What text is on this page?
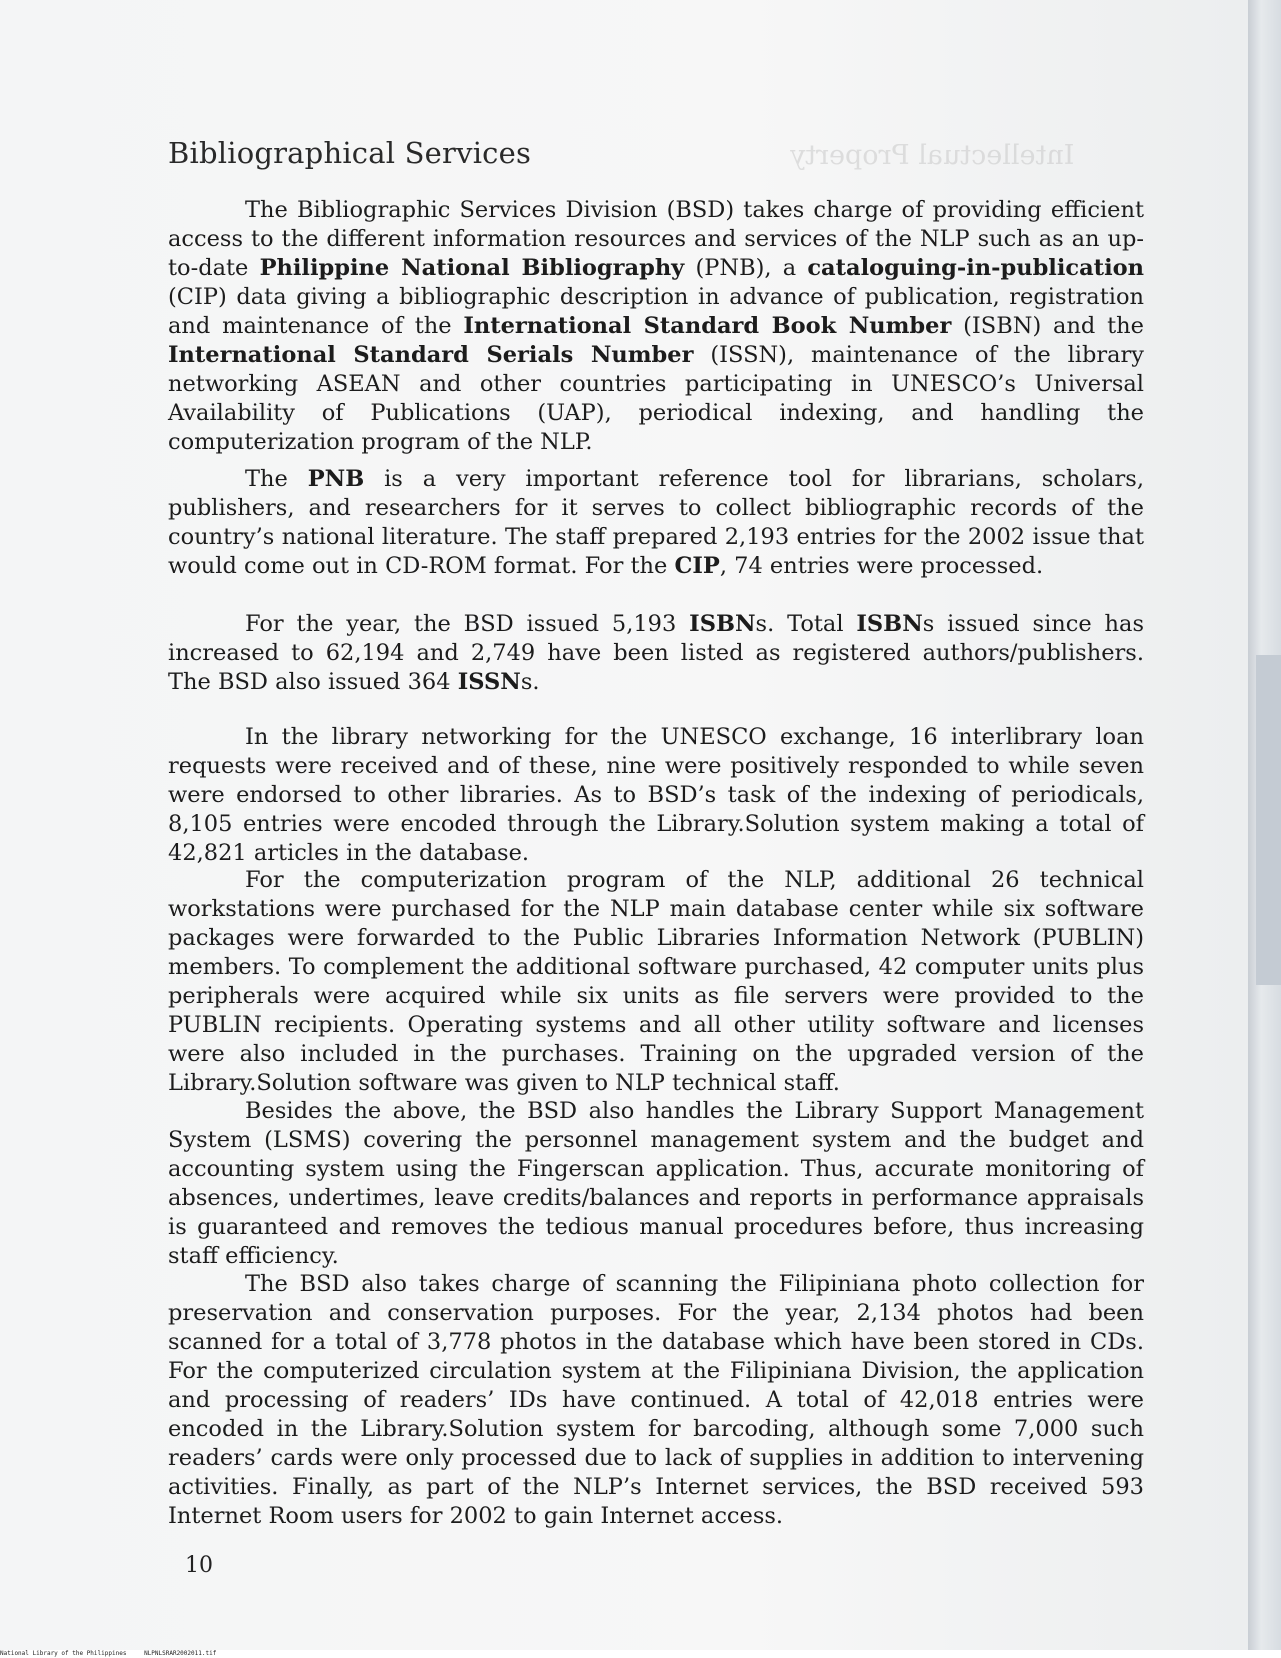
Intellectual Property
Bibliographical Services

The Bibliographic Services Division (BSD) takes charge of providing efficient access to the different information resources and services of the NLP such as an up-to-date Philippine National Bibliography (PNB), a cataloguing-in-publication (CIP) data giving a bibliographic description in advance of publication, registration and maintenance of the International Standard Book Number (ISBN) and the International Standard Serials Number (ISSN), maintenance of the library networking ASEAN and other countries participating in UNESCO’s Universal Availability of Publications (UAP), periodical indexing, and handling the computerization program of the NLP.

The PNB is a very important reference tool for librarians, scholars, publishers, and researchers for it serves to collect bibliographic records of the country’s national literature. The staff prepared 2,193 entries for the 2002 issue that would come out in CD-ROM format. For the CIP, 74 entries were processed.

For the year, the BSD issued 5,193 ISBNs. Total ISBNs issued since has increased to 62,194 and 2,749 have been listed as registered authors/publishers. The BSD also issued 364 ISSNs.

In the library networking for the UNESCO exchange, 16 interlibrary loan requests were received and of these, nine were positively responded to while seven were endorsed to other libraries. As to BSD’s task of the indexing of periodicals, 8,105 entries were encoded through the Library.Solution system making a total of 42,821 articles in the database.

For the computerization program of the NLP, additional 26 technical workstations were purchased for the NLP main database center while six software packages were forwarded to the Public Libraries Information Network (PUBLIN) members. To complement the additional software purchased, 42 computer units plus peripherals were acquired while six units as file servers were provided to the PUBLIN recipients. Operating systems and all other utility software and licenses were also included in the purchases. Training on the upgraded version of the Library.Solution software was given to NLP technical staff.

Besides the above, the BSD also handles the Library Support Management System (LSMS) covering the personnel management system and the budget and accounting system using the Fingerscan application. Thus, accurate monitoring of absences, undertimes, leave credits/balances and reports in performance appraisals is guaranteed and removes the tedious manual procedures before, thus increasing staff efficiency.

The BSD also takes charge of scanning the Filipiniana photo collection for preservation and conservation purposes. For the year, 2,134 photos had been scanned for a total of 3,778 photos in the database which have been stored in CDs. For the computerized circulation system at the Filipiniana Division, the application and processing of readers’ IDs have continued. A total of 42,018 entries were encoded in the Library.Solution system for barcoding, although some 7,000 such readers’ cards were only processed due to lack of supplies in addition to intervening activities. Finally, as part of the NLP’s Internet services, the BSD received 593 Internet Room users for 2002 to gain Internet access.

10
National Library of the Philippines	NLPNLSRAR2002011.tif
